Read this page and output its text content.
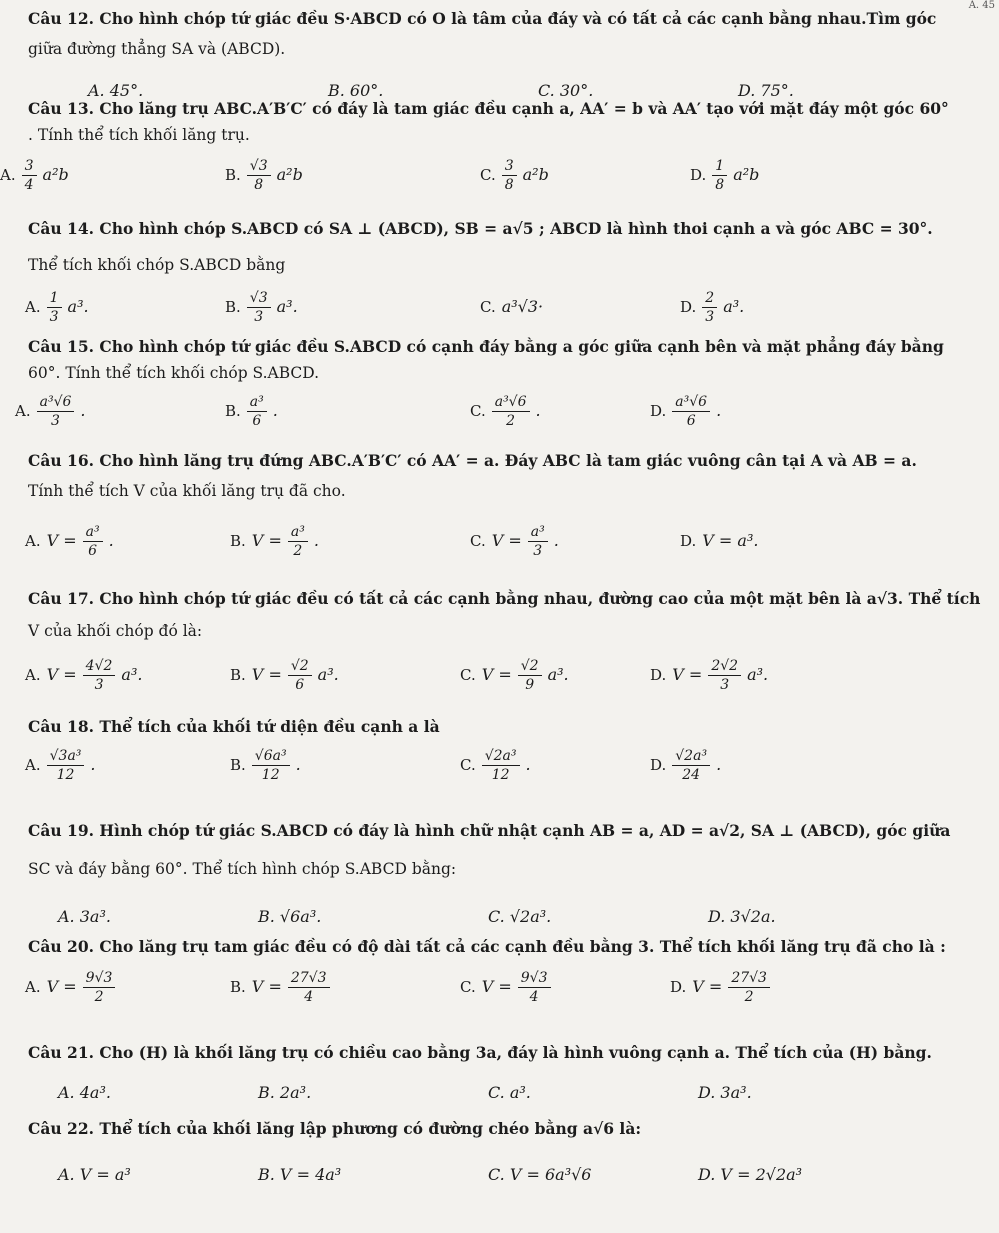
Câu 12. Cho hình chóp tứ giác đều S·ABCD có O là tâm của đáy và có tất cả các cạnh bằng nhau.Tìm góc
giữa đường thẳng SA và (ABCD).
A. 45°.	B. 60°.	C. 30°.	D. 75°.
Câu 13. Cho lăng trụ ABC.A′B′C′ có đáy là tam giác đều cạnh a, AA′ = b và AA′ tạo với mặt đáy một góc 60°
. Tính thể tích khối lăng trụ.
A. $\frac{3}{4} a^2b$	B. $\frac{√3}{8} a^2b$	C. $\frac{3}{8} a^2b$	D. $\frac{1}{8} a^2b$
Câu 14. Cho hình chóp S.ABCD có SA ⊥ (ABCD), SB = a√5 ; ABCD là hình thoi cạnh a và góc ABC = 30°.
Thể tích khối chóp S.ABCD bằng
A. $\frac{1}{3} a^3$.	B. $\frac{√3}{3} a^3$.	C. a³√3·	D. $\frac{2}{3} a^3$.
Câu 15. Cho hình chóp tứ giác đều S.ABCD có cạnh đáy bằng a góc giữa cạnh bên và mặt phẳng đáy bằng
60°. Tính thể tích khối chóp S.ABCD.
A. $\frac{\text{a³√6}}{3}$ .	B. $\frac{\text{a³}}{6}$ .	C. $\frac{\text{a³√6}}{2}$ .	D. $\frac{\text{a³√6}}{6}$ .
Câu 16. Cho hình lăng trụ đứng ABC.A′B′C′ có AA′ = a. Đáy ABC là tam giác vuông cân tại A và AB = a.
Tính thể tích V của khối lăng trụ đã cho.
A. $V = \frac{\text{a³}}{6}$ .	B. $V = \frac{\text{a³}}{2}$ .	C. $V = \frac{\text{a³}}{3}$ .	D. V = a³.
Câu 17. Cho hình chóp tứ giác đều có tất cả các cạnh bằng nhau, đường cao của một mặt bên là a√3. Thể tích
V của khối chóp đó là:
A. $V = \frac{4√2}{3} a^3$.	B. $V = \frac{√2}{6} a^3$.	C. $V = \frac{√2}{9} a^3$.	D. $V = \frac{2√2}{3} a^3$.
Câu 18. Thể tích của khối tứ diện đều cạnh a là
A. $\frac{\text{√3a³}}{12}$ .	B. $\frac{\text{√6a³}}{12}$ .	C. $\frac{\text{√2a³}}{12}$ .	D. $\frac{\text{√2a³}}{24}$ .
Câu 19. Hình chóp tứ giác S.ABCD có đáy là hình chữ nhật cạnh AB = a, AD = a√2, SA ⊥ (ABCD), góc giữa
SC và đáy bằng 60°. Thể tích hình chóp S.ABCD bằng:
A. 3a³.	B. √6a³.	C. √2a³.	D. 3√2a.
Câu 20. Cho lăng trụ tam giác đều có độ dài tất cả các cạnh đều bằng 3. Thể tích khối lăng trụ đã cho là :
A. $V = \frac{9√3}{2}$	B. $V = \frac{27√3}{4}$	C. $V = \frac{9√3}{4}$	D. $V = \frac{27√3}{2}$
Câu 21. Cho (H) là khối lăng trụ có chiều cao bằng 3a, đáy là hình vuông cạnh a. Thể tích của (H) bằng.
A. 4a³.	B. 2a³.	C. a³.	D. 3a³.
Câu 22. Thể tích của khối lăng lập phương có đường chéo bằng a√6 là:
A. V = a³	B. V = 4a³	C. V = 6a³√6	D. V = 2√2a³
A. 45
